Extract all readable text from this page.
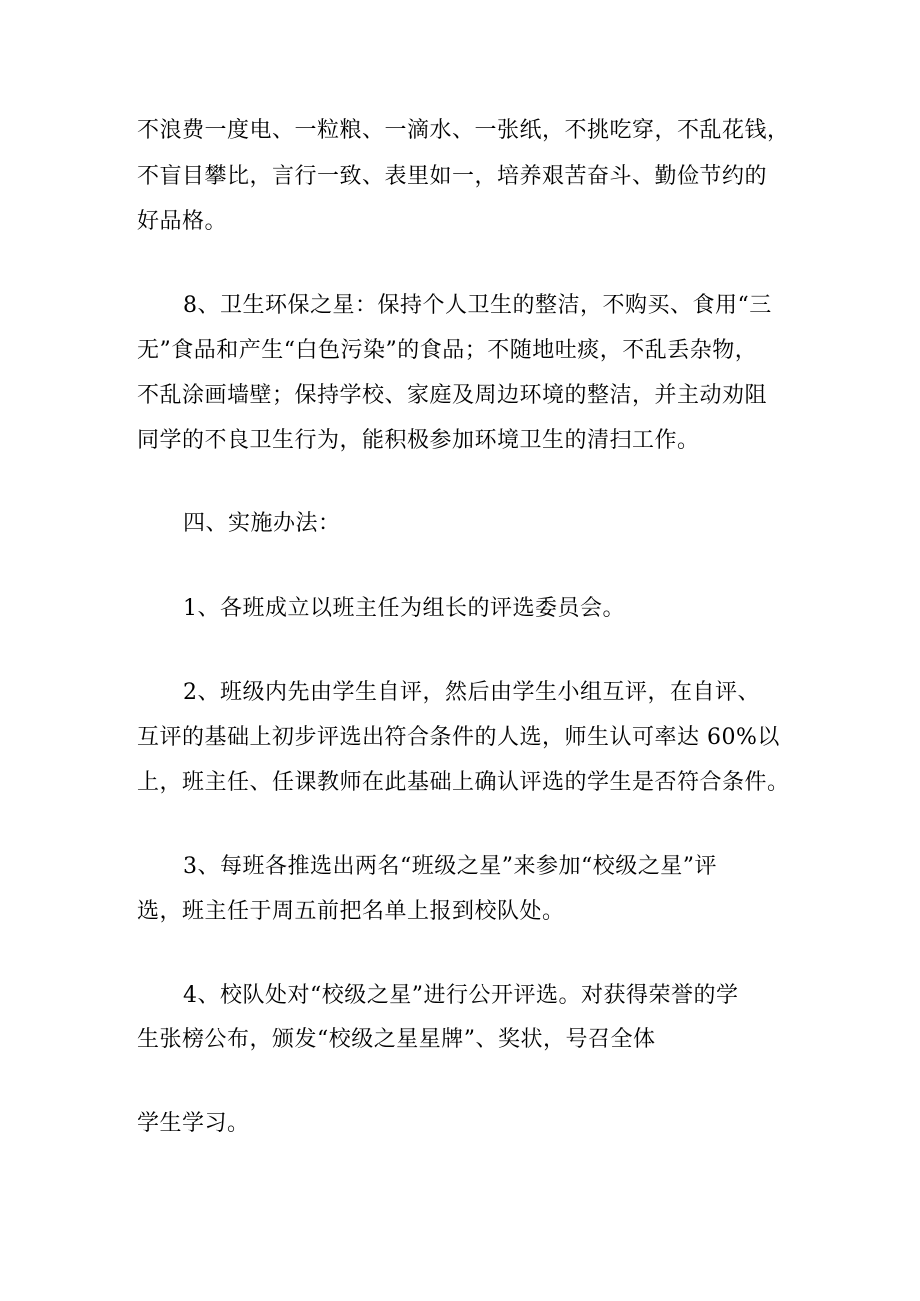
不浪费一度电、一粒粮、一滴水、一张纸，不挑吃穿，不乱花钱，
不盲目攀比，言行一致、表里如一，培养艰苦奋斗、勤俭节约的
好品格。
8、卫生环保之星：保持个人卫生的整洁，不购买、食用“三
无”食品和产生“白色污染”的食品；不随地吐痰，不乱丢杂物，
不乱涂画墙壁；保持学校、家庭及周边环境的整洁，并主动劝阻
同学的不良卫生行为，能积极参加环境卫生的清扫工作。
四、实施办法：
1、各班成立以班主任为组长的评选委员会。
2、班级内先由学生自评，然后由学生小组互评，在自评、
互评的基础上初步评选出符合条件的人选，师生认可率达 60%以
上，班主任、任课教师在此基础上确认评选的学生是否符合条件。
3、每班各推选出两名“班级之星”来参加“校级之星”评
选，班主任于周五前把名单上报到校队处。
4、校队处对“校级之星”进行公开评选。对获得荣誉的学
生张榜公布，颁发“校级之星星牌”、奖状，号召全体
学生学习。
